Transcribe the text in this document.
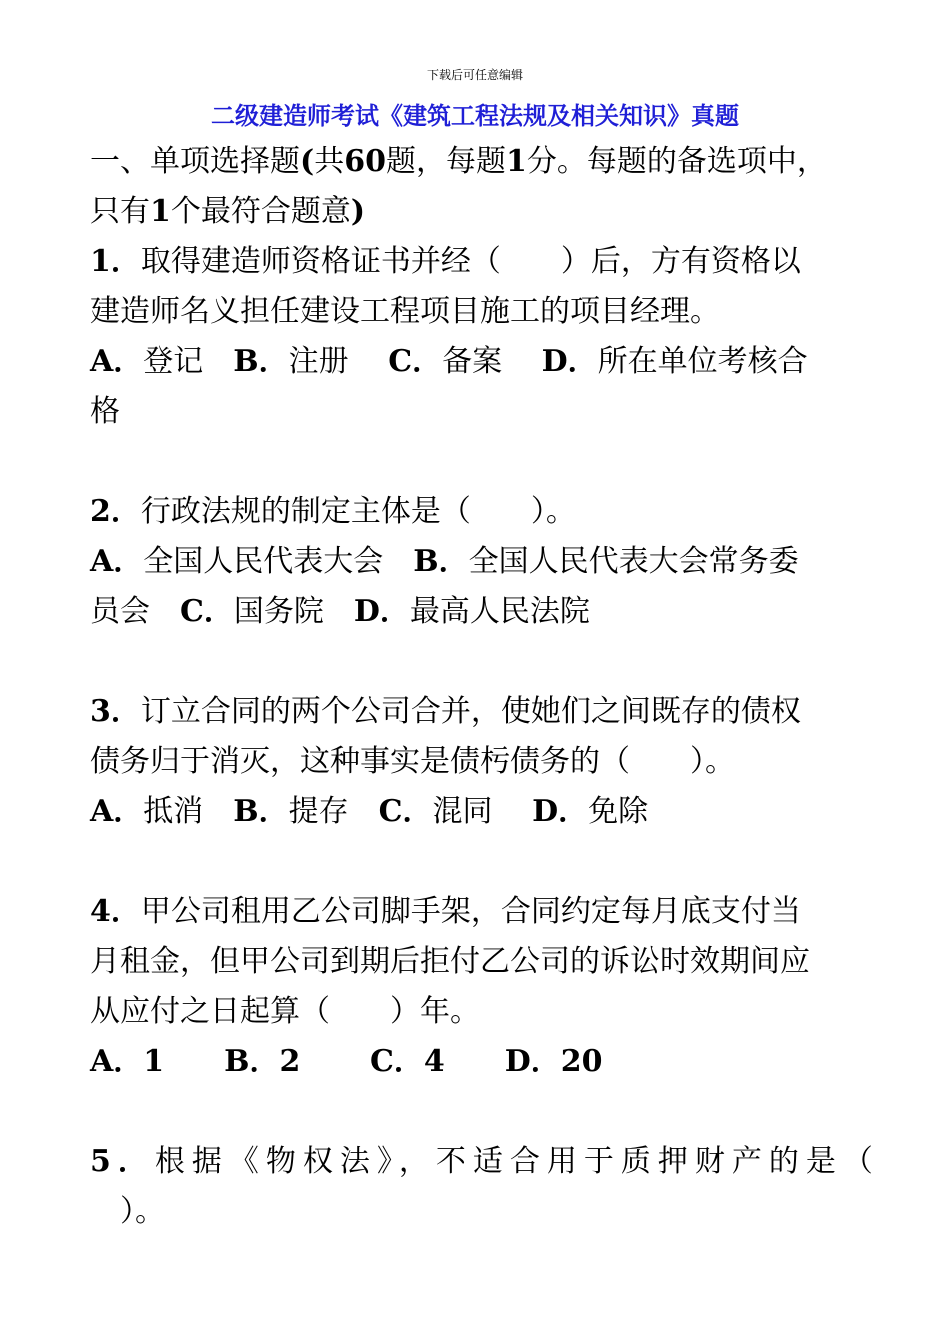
下载后可任意编辑
二级建造师考试《建筑工程法规及相关知识》真题
一、单项选择题(共60题，每题1分。每题的备选项中，
只有1个最符合题意)
1．取得建造师资格证书并经（　　）后，方有资格以
建造师名义担任建设工程项目施工的项目经理。
A．登记　 B．注册　 C．备案　 D．所在单位考核合
格
2．行政法规的制定主体是（　　）。
A．全国人民代表大会　 B．全国人民代表大会常务委
员会　 C．国务院　 D．最高人民法院
3．订立合同的两个公司合并，使她们之间既存的债权
债务归于消灭，这种事实是债杇债务的（　　）。
A．抵消　 B．提存　 C．混同　 D．免除
4．甲公司租用乙公司脚手架，合同约定每月底支付当
月租金，但甲公司到期后拒付乙公司的诉讼时效期间应
从应付之日起算（　　）年。
A．1　　 B．2　　 C．4　　 D．20
5．根据《物权法》，不适合用于质押财产的是（
　）。
